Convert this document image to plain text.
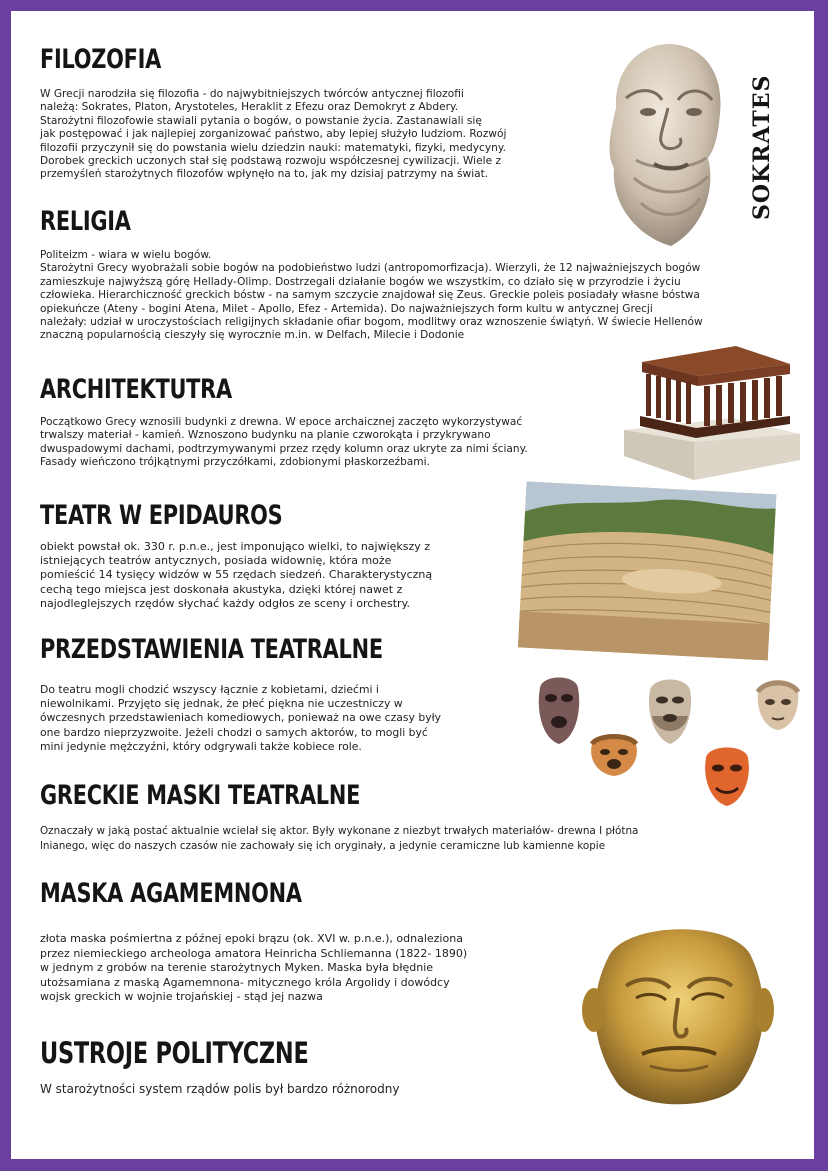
FILOZOFIA
W Grecji narodziła się filozofia - do najwybitniejszych twórców antycznej filozofii
należą: Sokrates, Platon, Arystoteles, Heraklit z Efezu oraz Demokryt z Abdery.
Starożytni filozofowie stawiali pytania o bogów, o powstanie życia. Zastanawiali się
jak postępować i jak najlepiej zorganizować państwo, aby lepiej służyło ludziom. Rozwój
filozofii przyczynił się do powstania wielu dziedzin nauki: matematyki, fizyki, medycyny.
Dorobek greckich uczonych stał się podstawą rozwoju współczesnej cywilizacji. Wiele z
przemyśleń starożytnych filozofów wpłynęło na to, jak my dzisiaj patrzymy na świat.	SOKRATES
RELIGIA
Politeizm - wiara w wielu bogów.
Starożytni Grecy wyobrażali sobie bogów na podobieństwo ludzi (antropomorfizacja). Wierzyli, że 12 najważniejszych bogów
zamieszkuje najwyższą górę Hellady-Olimp. Dostrzegali działanie bogów we wszystkim, co działo się w przyrodzie i życiu
człowieka. Hierarchiczność greckich bóstw - na samym szczycie znajdował się Zeus. Greckie poleis posiadały własne bóstwa
opiekuńcze (Ateny - bogini Atena, Milet - Apollo, Efez - Artemida). Do najważniejszych form kultu w antycznej Grecji
należały: udział w uroczystościach religijnych składanie ofiar bogom, modlitwy oraz wznoszenie świątyń. W świecie Hellenów
znaczną popularnością cieszyły się wyrocznie m.in. w Delfach, Milecie i Dodonie
ARCHITEKTUTRA
Początkowo Grecy wznosili budynki z drewna. W epoce archaicznej zaczęto wykorzystywać
trwalszy materiał - kamień. Wznoszono budynku na planie czworokąta i przykrywano
dwuspadowymi dachami, podtrzymywanymi przez rzędy kolumn oraz ukryte za nimi ściany.
Fasady wieńczono trójkątnymi przyczółkami, zdobionymi płaskorzeźbami.
TEATR W EPIDAUROS
obiekt powstał ok. 330 r. p.n.e., jest imponująco wielki, to największy z
istniejących teatrów antycznych, posiada widownię, która może
pomieścić 14 tysięcy widzów w 55 rzędach siedzeń. Charakterystyczną
cechą tego miejsca jest doskonała akustyka, dzięki której nawet z
najodleglejszych rzędów słychać każdy odgłos ze sceny i orchestry.
PRZEDSTAWIENIA TEATRALNE
Do teatru mogli chodzić wszyscy łącznie z kobietami, dziećmi i
niewolnikami. Przyjęto się jednak, że płeć piękna nie uczestniczy w
ówczesnych przedstawieniach komediowych, ponieważ na owe czasy były
one bardzo nieprzyzwoite. Jeżeli chodzi o samych aktorów, to mogli być
mini jedynie mężczyźni, który odgrywali także kobiece role.
GRECKIE MASKI TEATRALNE
Oznaczały w jaką postać aktualnie wcielał się aktor. Były wykonane z niezbyt trwałych materiałów- drewna I płótna
lnianego, więc do naszych czasów nie zachowały się ich oryginały, a jedynie ceramiczne lub kamienne kopie
MASKA AGAMEMNONA
złota maska pośmiertna z późnej epoki brązu (ok. XVI w. p.n.e.), odnaleziona
przez niemieckiego archeologa amatora Heinricha Schliemanna (1822- 1890)
w jednym z grobów na terenie starożytnych Myken. Maska była błędnie
utożsamiana z maską Agamemnona- mitycznego króla Argolidy i dowódcy
wojsk greckich w wojnie trojańskiej - stąd jej nazwa
USTROJE POLITYCZNE
W starożytności system rządów polis był bardzo różnorodny
